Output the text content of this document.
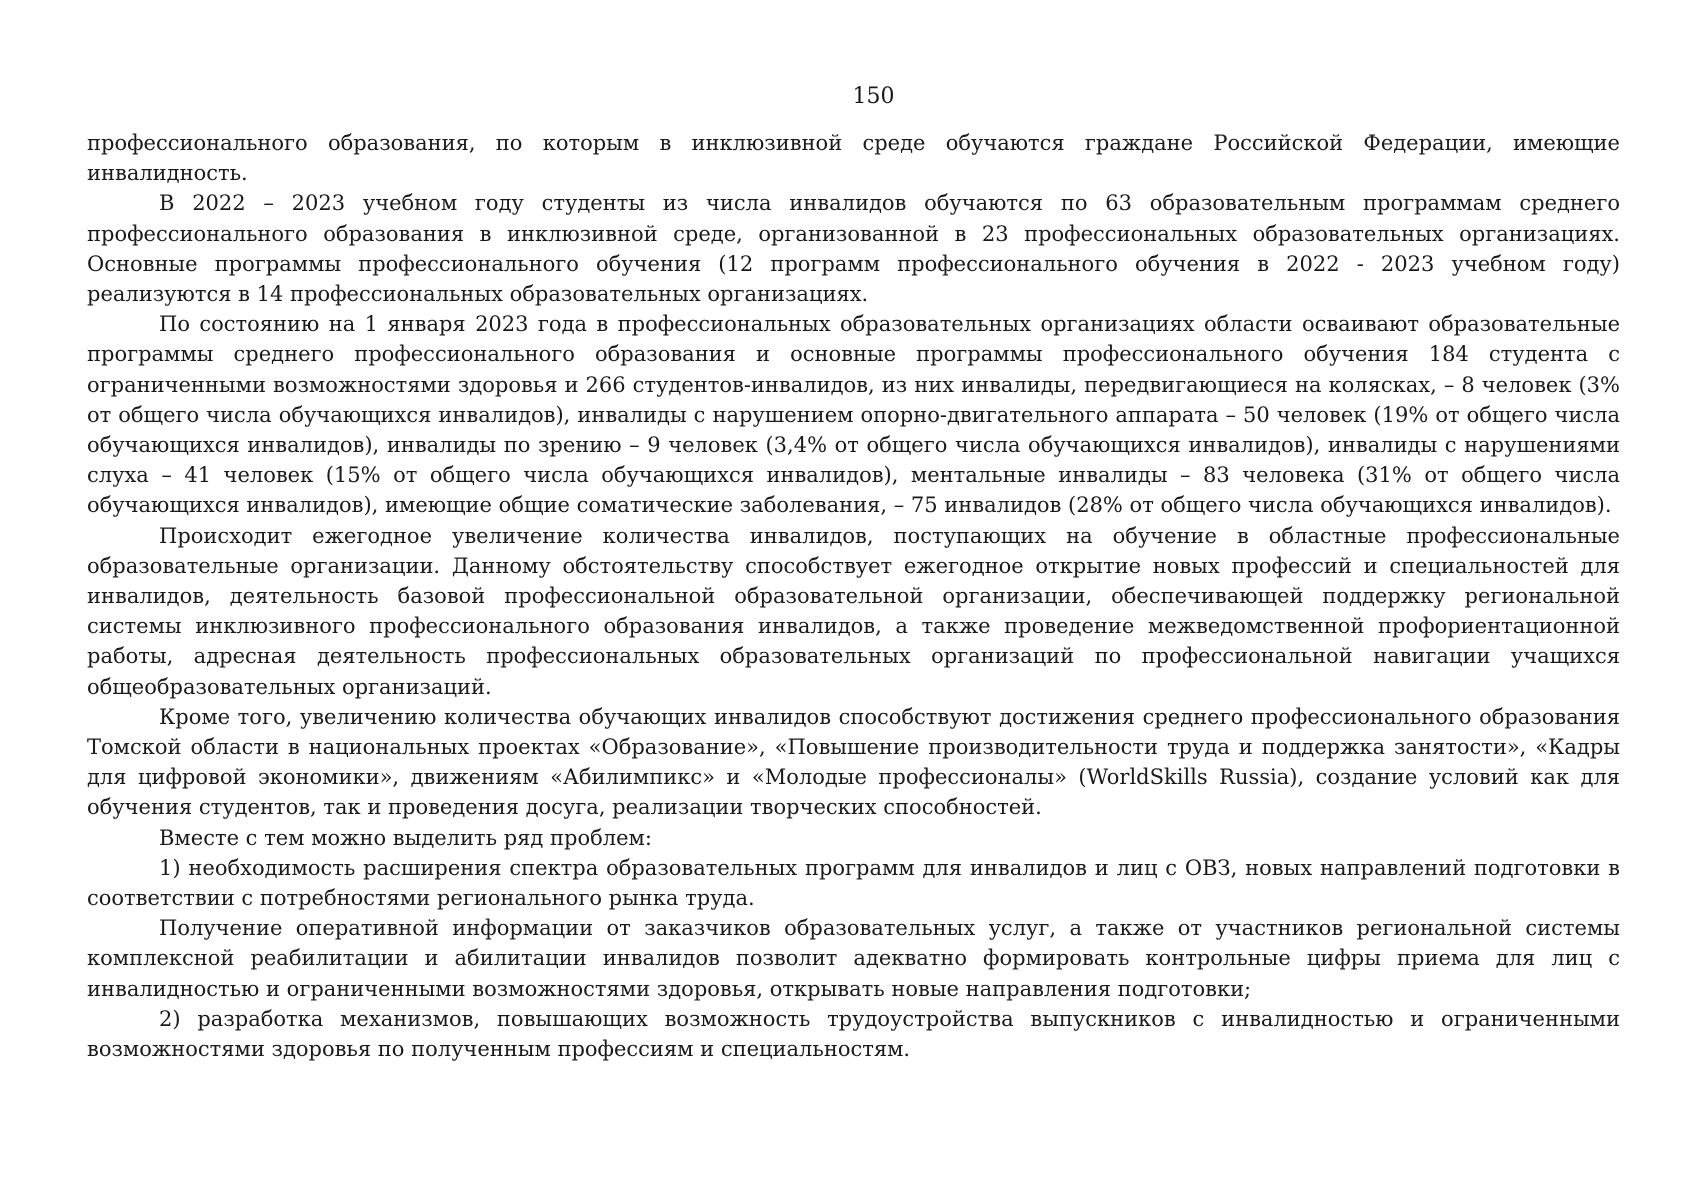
150

профессионального образования, по которым в инклюзивной среде обучаются граждане Российской Федерации, имеющие инвалидность.

В 2022 – 2023 учебном году студенты из числа инвалидов обучаются по 63 образовательным программам среднего профессионального образования в инклюзивной среде, организованной в 23 профессиональных образовательных организациях. Основные программы профессионального обучения (12 программ профессионального обучения в 2022 - 2023 учебном году) реализуются в 14 профессиональных образовательных организациях.

По состоянию на 1 января 2023 года в профессиональных образовательных организациях области осваивают образовательные программы среднего профессионального образования и основные программы профессионального обучения 184 студента с ограниченными возможностями здоровья и 266 студентов-инвалидов, из них инвалиды, передвигающиеся на колясках, – 8 человек (3% от общего числа обучающихся инвалидов), инвалиды с нарушением опорно-двигательного аппарата – 50 человек (19% от общего числа обучающихся инвалидов), инвалиды по зрению – 9 человек (3,4% от общего числа обучающихся инвалидов), инвалиды с нарушениями слуха – 41 человек (15% от общего числа обучающихся инвалидов), ментальные инвалиды – 83 человека (31% от общего числа обучающихся инвалидов), имеющие общие соматические заболевания, – 75 инвалидов (28% от общего числа обучающихся инвалидов).

Происходит ежегодное увеличение количества инвалидов, поступающих на обучение в областные профессиональные образовательные организации. Данному обстоятельству способствует ежегодное открытие новых профессий и специальностей для инвалидов, деятельность базовой профессиональной образовательной организации, обеспечивающей поддержку региональной системы инклюзивного профессионального образования инвалидов, а также проведение межведомственной профориентационной работы, адресная деятельность профессиональных образовательных организаций по профессиональной навигации учащихся общеобразовательных организаций.

Кроме того, увеличению количества обучающих инвалидов способствуют достижения среднего профессионального образования Томской области в национальных проектах «Образование», «Повышение производительности труда и поддержка занятости», «Кадры для цифровой экономики», движениям «Абилимпикс» и «Молодые профессионалы» (WorldSkills Russia), создание условий как для обучения студентов, так и проведения досуга, реализации творческих способностей.

Вместе с тем можно выделить ряд проблем:

1) необходимость расширения спектра образовательных программ для инвалидов и лиц с ОВЗ, новых направлений подготовки в соответствии с потребностями регионального рынка труда.

Получение оперативной информации от заказчиков образовательных услуг, а также от участников региональной системы комплексной реабилитации и абилитации инвалидов позволит адекватно формировать контрольные цифры приема для лиц с инвалидностью и ограниченными возможностями здоровья, открывать новые направления подготовки;

2) разработка механизмов, повышающих возможность трудоустройства выпускников с инвалидностью и ограниченными возможностями здоровья по полученным профессиям и специальностям.
